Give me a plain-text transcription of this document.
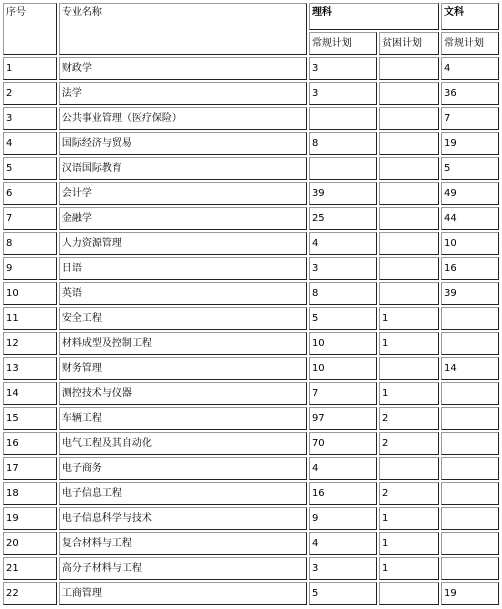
序号	专业名称	理科		文科
		常规计划	贫困计划	常规计划
1	财政学	3		4
2	法学	3		36
3	公共事业管理（医疗保险）			7
4	国际经济与贸易	8		19
5	汉语国际教育			5
6	会计学	39		49
7	金融学	25		44
8	人力资源管理	4		10
9	日语	3		16
10	英语	8		39
11	安全工程	5	1	
12	材料成型及控制工程	10	1	
13	财务管理	10		14
14	测控技术与仪器	7	1	
15	车辆工程	97	2	
16	电气工程及其自动化	70	2	
17	电子商务	4		
18	电子信息工程	16	2	
19	电子信息科学与技术	9	1	
20	复合材料与工程	4	1	
21	高分子材料与工程	3	1	
22	工商管理	5		19
